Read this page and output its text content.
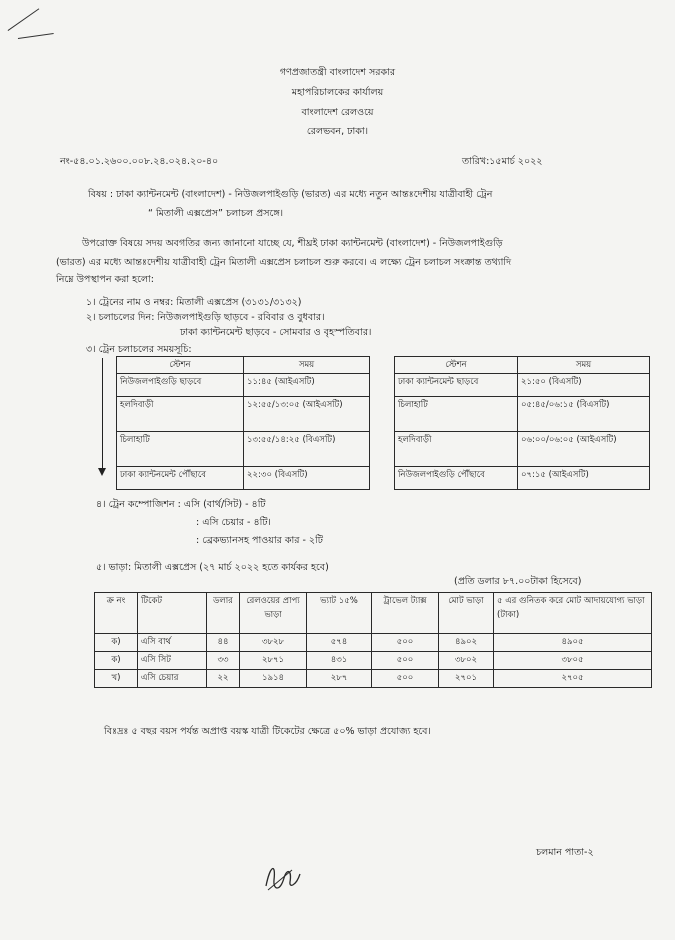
গণপ্রজাতন্ত্রী বাংলাদেশ সরকার
মহাপরিচালকের কার্যালয়
বাংলাদেশ রেলওয়ে
রেলভবন, ঢাকা।
নং-৫৪.০১.২৬০০.০০৮.২৪.০২৪.২০-৪০	তারিখ:১৫মার্চ ২০২২
বিষয় : ঢাকা ক্যান্টনমেন্ট (বাংলাদেশ) - নিউজলপাইগুড়ি (ভারত) এর মধ্যে নতুন আন্তঃদেশীয় যাত্রীবাহী ট্রেন
“ মিতালী এক্সপ্রেস” চলাচল প্রসঙ্গে।
উপরোক্ত বিষয়ে সদয় অবগতির জন্য জানানো যাচ্ছে যে, শীঘ্রই ঢাকা ক্যান্টনমেন্ট (বাংলাদেশ) - নিউজলপাইগুড়ি
(ভারত) এর মধ্যে আন্তঃদেশীয় যাত্রীবাহী ট্রেন মিতালী এক্সপ্রেস চলাচল শুরু করবে। এ লক্ষ্যে ট্রেন চলাচল সংক্রান্ত তথ্যাদি
নিম্নে উপস্থাপন করা হলো:
১। ট্রেনের নাম ও নম্বর: মিতালী এক্সপ্রেস (৩১৩১/৩১৩২)
২। চলাচলের দিন: নিউজলপাইগুড়ি ছাড়বে - রবিবার ও বুধবার।
ঢাকা ক্যান্টনমেন্ট ছাড়বে - সোমবার ও বৃহস্পতিবার।
৩। ট্রেন চলাচলের সময়সূচি:
স্টেশন	সময়
নিউজলপাইগুড়ি ছাড়বে	১১:৪৫ (আইএসটি)
হলদিবাড়ী	১২:৫৫/১৩:০৫ (আইএসটি)
চিলাহাটি	১৩:৫৫/১৪:২৫ (বিএসটি)
ঢাকা ক্যান্টনমেন্ট পৌঁছাবে	২২:৩০ (বিএসটি)
স্টেশন	সময়
ঢাকা ক্যান্টনমেন্ট ছাড়বে	২১:৫০ (বিএসটি)
চিলাহাটি	০৫:৪৫/০৬:১৫ (বিএসটি)
হলদিবাড়ী	০৬:০০/০৬:০৫ (আইএসটি)
নিউজলপাইগুড়ি পৌঁছাবে	০৭:১৫ (আইএসটি)
৪। ট্রেন কম্পোজিশন : এসি (বার্থ/সিট) - ৪টি
: এসি চেয়ার - ৪টি।
: ব্রেকভ্যানসহ পাওয়ার কার - ২টি
৫। ভাড়া: মিতালী এক্সপ্রেস (২৭ মার্চ ২০২২ হতে কার্যকর হবে)
(প্রতি ডলার ৮৭.০০টাকা হিসেবে)
ক্র নং	টিকেট	ডলার	রেলওয়ের প্রাপ্য ভাড়া	ভ্যাট ১৫%	ট্রাভেল ট্যাক্স	মোট ভাড়া	৫ এর গুনিতক করে মোট আদায়যোগ্য ভাড়া (টাকা)
ক)	এসি বার্থ	৪৪	৩৮২৮	৫৭৪	৫০০	৪৯০২	৪৯০৫
ক)	এসি সিট	৩৩	২৮৭১	৪৩১	৫০০	৩৮০২	৩৮০৫
খ)	এসি চেয়ার	২২	১৯১৪	২৮৭	৫০০	২৭০১	২৭০৫
বিঃদ্রঃ ৫ বছর বয়স পর্যন্ত অপ্রাপ্ত বয়স্ক যাত্রী টিকেটের ক্ষেত্রে ৫০% ভাড়া প্রযোজ্য হবে।
চলমান পাতা-২
